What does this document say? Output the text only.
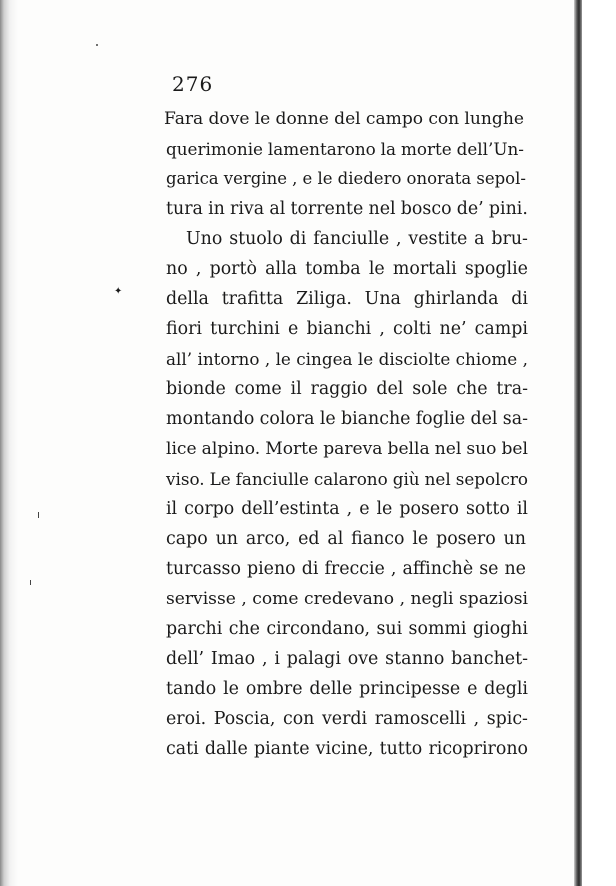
276
✦
Fara dove le donne del campo con lunghe
querimonie lamentarono la morte dell’Un-
garica vergine , e le diedero onorata sepol-
tura in riva al torrente nel bosco de’ pini.
Uno stuolo di fanciulle , vestite a bru-
no , portò alla tomba le mortali spoglie
della trafitta Ziliga. Una ghirlanda di
fiori turchini e bianchi , colti ne’ campi
all’ intorno , le cingea le disciolte chiome ,
bionde come il raggio del sole che tra-
montando colora le bianche foglie del sa-
lice alpino. Morte pareva bella nel suo bel
viso. Le fanciulle calarono giù nel sepolcro
il corpo dell’estinta , e le posero sotto il
capo un arco, ed al fianco le posero un
turcasso pieno di freccie , affinchè se ne
servisse , come credevano , negli spaziosi
parchi che circondano, sui sommi gioghi
dell’ Imao , i palagi ove stanno banchet-
tando le ombre delle principesse e degli
eroi. Poscia, con verdi ramoscelli , spic-
cati dalle piante vicine, tutto ricoprirono
